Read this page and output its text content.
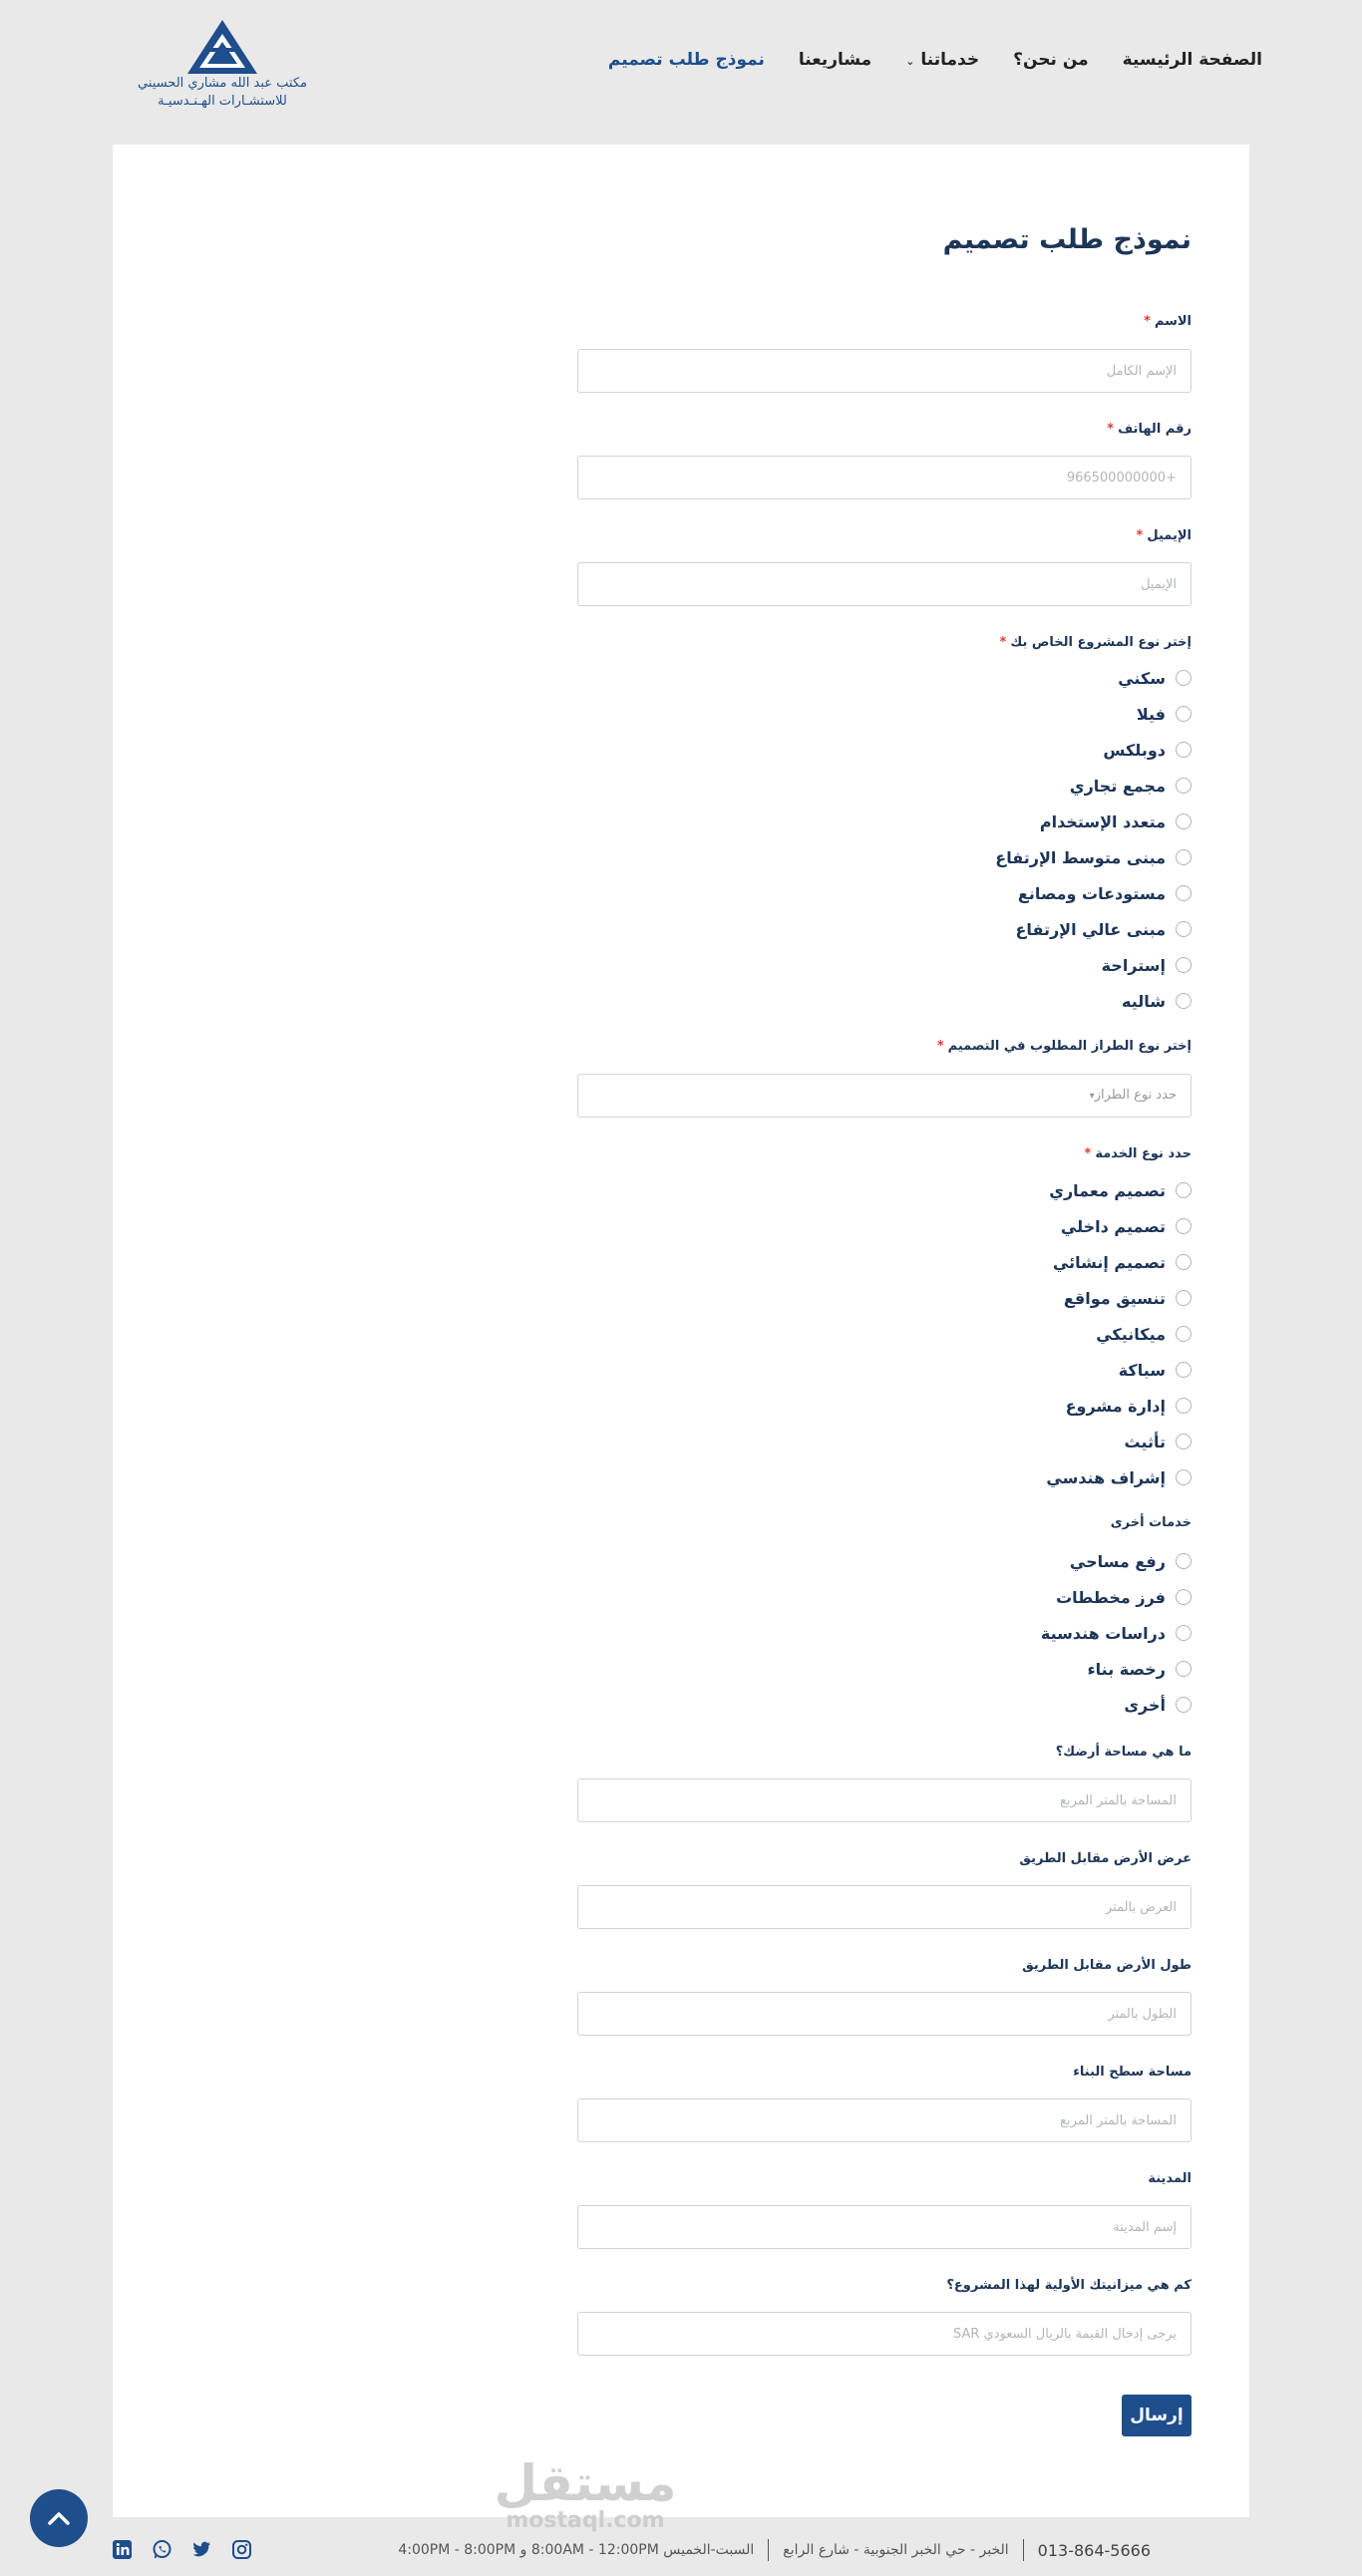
مكتب عبد الله مشاري الحسيني
للاستشـارات الهـنـدسيـة
الصفحة الرئيسية
من نحن؟
خدماتنا⌄
مشاريعنا
نموذج طلب تصميم
نموذج طلب تصميم
الاسم*
الإسم الكامل
رقم الهاتف*
+966500000000
الإيميل*
الإيميل
إختر نوع المشروع الخاص بك*
سكني
فيلا
دوبلكس
مجمع تجاري
متعدد الإستخدام
مبنى متوسط الإرتفاع
مستودعات ومصانع
مبنى عالي الإرتفاع
إستراحة
شاليه
إختر نوع الطراز المطلوب في التصميم*
حدد نوع الطراز▾
حدد نوع الخدمة*
تصميم معماري
تصميم داخلي
تصميم إنشائي
تنسيق مواقع
ميكانيكي
سباكة
إدارة مشروع
تأثيث
إشراف هندسي
خدمات أخرى
رفع مساحي
فرز مخططات
دراسات هندسية
رخصة بناء
أخرى
ما هي مساحة أرضك؟
المساحة بالمتر المربع
عرض الأرض مقابل الطريق
العرض بالمتر
طول الأرض مقابل الطريق
الطول بالمتر
مساحة سطح البناء
المساحة بالمتر المربع
المدينة
إسم المدينة
كم هي ميزانيتك الأولية لهذا المشروع؟
يرجى إدخال القيمة بالريال السعودي SAR
إرسال
مستقل
mostaql.com
013-864-5666
الخبر - حي الخبر الجنوبية - شارع الرابع
السبت-الخميس 8:00AM - 12:00PM و 4:00PM - 8:00PM
